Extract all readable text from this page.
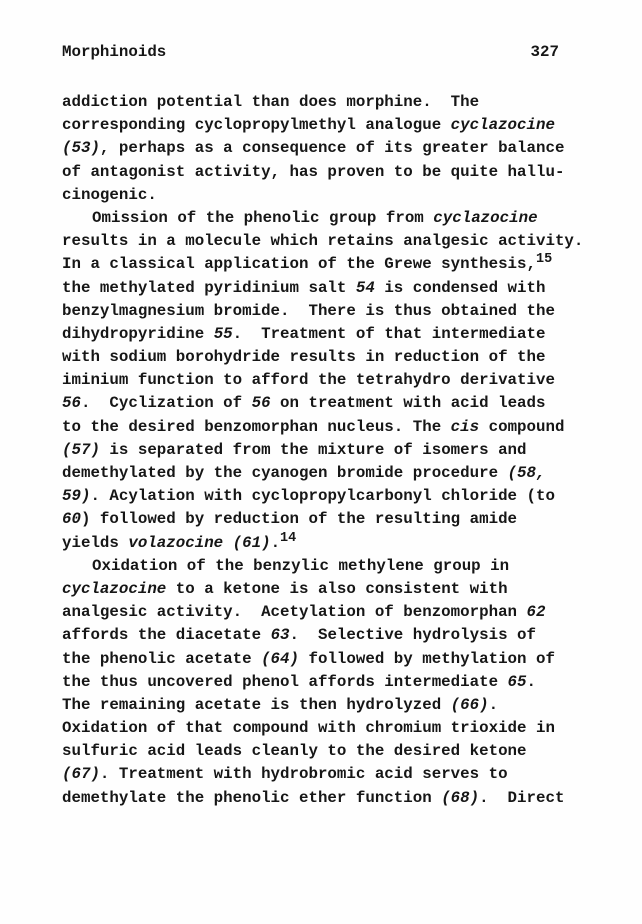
Morphinoids	327
addiction potential than does morphine.  The
corresponding cyclopropylmethyl analogue cyclazocine
(53), perhaps as a consequence of its greater balance
of antagonist activity, has proven to be quite hallu-
cinogenic.
Omission of the phenolic group from cyclazocine
results in a molecule which retains analgesic activity.
In a classical application of the Grewe synthesis,15
the methylated pyridinium salt 54 is condensed with
benzylmagnesium bromide.  There is thus obtained the
dihydropyridine 55.  Treatment of that intermediate
with sodium borohydride results in reduction of the
iminium function to afford the tetrahydro derivative
56.  Cyclization of 56 on treatment with acid leads
to the desired benzomorphan nucleus. The cis compound
(57) is separated from the mixture of isomers and
demethylated by the cyanogen bromide procedure (58,
59). Acylation with cyclopropylcarbonyl chloride (to
60) followed by reduction of the resulting amide
yields volazocine (61).14
Oxidation of the benzylic methylene group in
cyclazocine to a ketone is also consistent with
analgesic activity.  Acetylation of benzomorphan 62
affords the diacetate 63.  Selective hydrolysis of
the phenolic acetate (64) followed by methylation of
the thus uncovered phenol affords intermediate 65.
The remaining acetate is then hydrolyzed (66).
Oxidation of that compound with chromium trioxide in
sulfuric acid leads cleanly to the desired ketone
(67). Treatment with hydrobromic acid serves to
demethylate the phenolic ether function (68).  Direct
